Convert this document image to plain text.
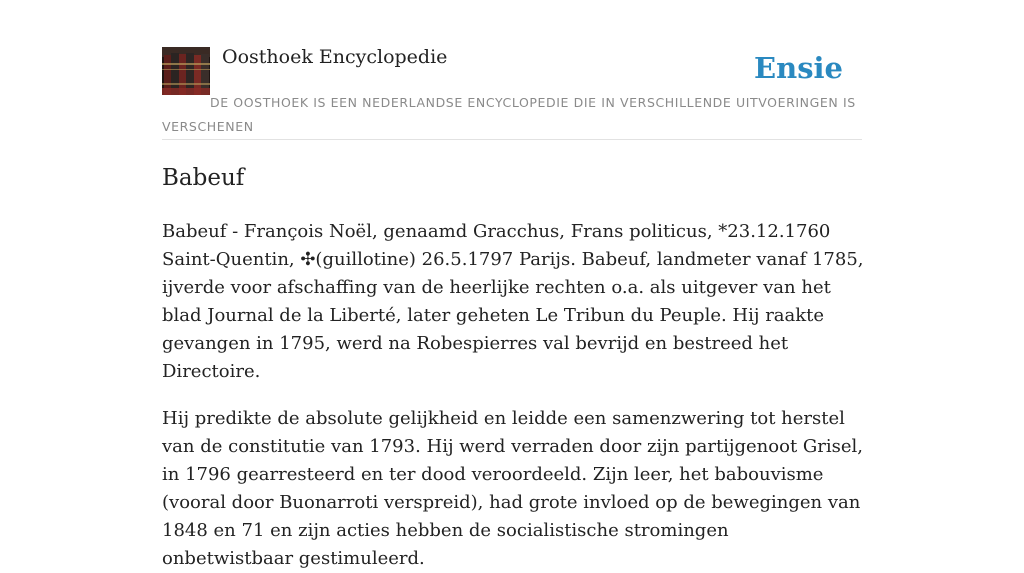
Oosthoek Encyclopedie	Ensie

DE OOSTHOEK IS EEN NEDERLANDSE ENCYCLOPEDIE DIE IN VERSCHILLENDE UITVOERINGEN IS VERSCHENEN

Babeuf

Babeuf - François Noël, genaamd Gracchus, Frans politicus, *23.12.1760 Saint-Quentin, ✣(guillotine) 26.5.1797 Parijs. Babeuf, landmeter vanaf 1785, ijverde voor afschaffing van de heerlijke rechten o.a. als uitgever van het blad Journal de la Liberté, later geheten Le Tribun du Peuple. Hij raakte gevangen in 1795, werd na Robespierres val bevrijd en bestreed het Directoire.

Hij predikte de absolute gelijkheid en leidde een samenzwering tot herstel van de constitutie van 1793. Hij werd verraden door zijn partijgenoot Grisel, in 1796 gearresteerd en ter dood veroordeeld. Zijn leer, het babouvisme (vooral door Buonarroti verspreid), had grote invloed op de bewegingen van 1848 en 71 en zijn acties hebben de socialistische stromingen onbetwistbaar gestimuleerd.
